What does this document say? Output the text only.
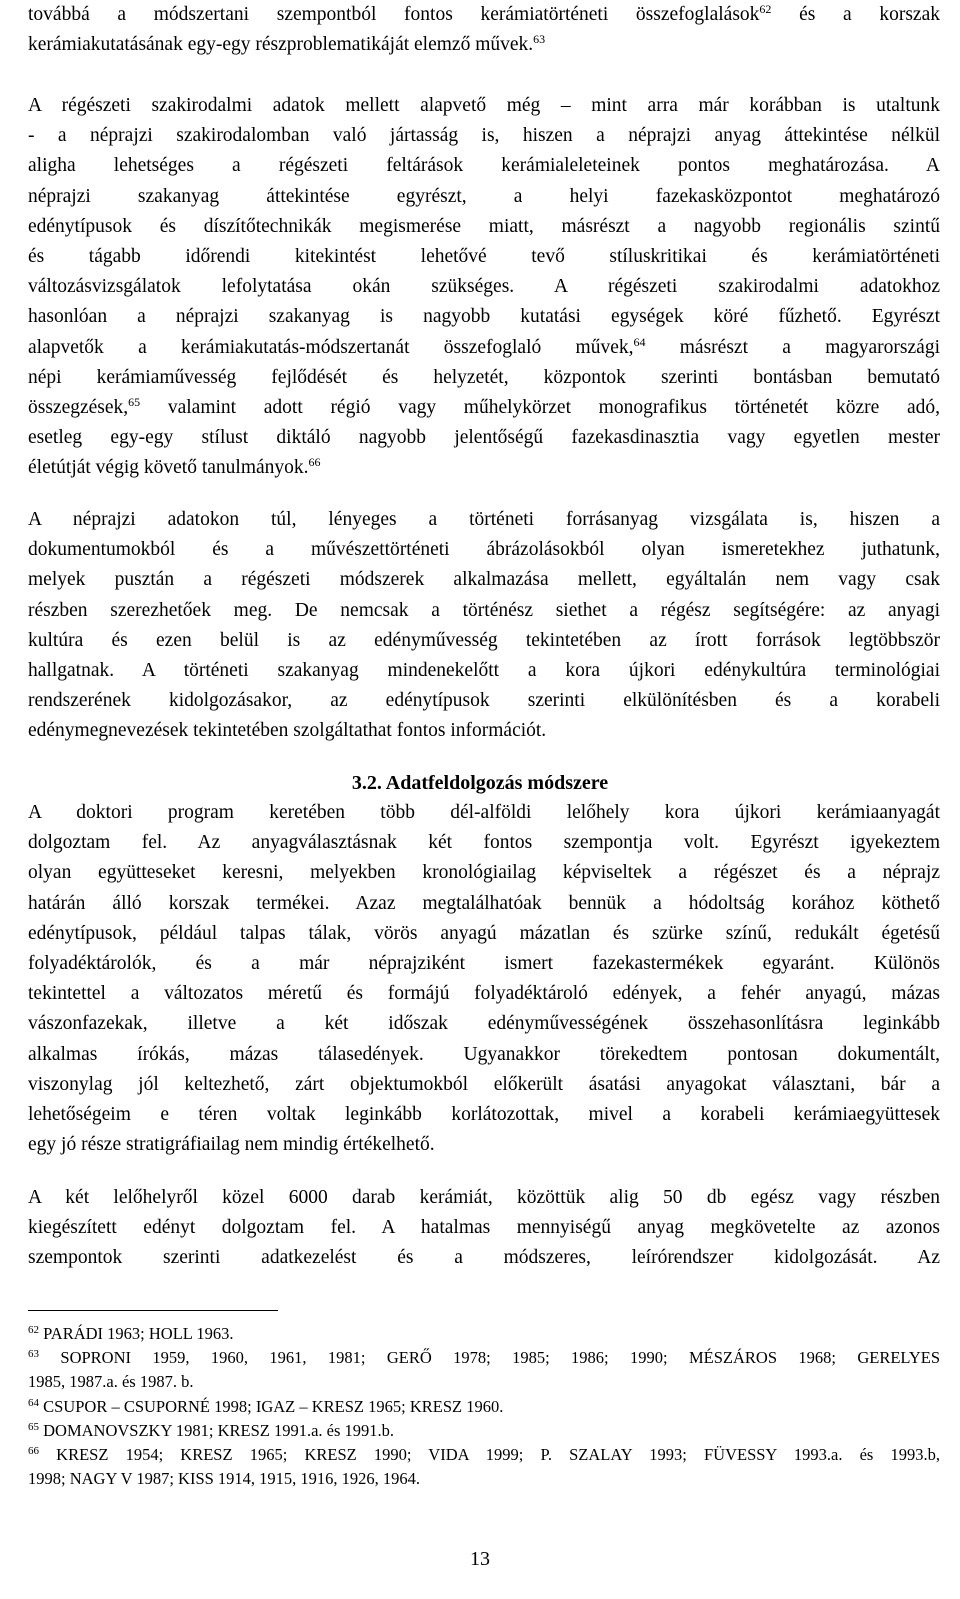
továbbá a módszertani szempontból fontos kerámiatörténeti összefoglalások$^{62}$ és a korszak
kerámiakutatásának egy-egy részproblematikáját elemző művek.$^{63}$
A régészeti szakirodalmi adatok mellett alapvető még – mint arra már korábban is utaltunk
- a néprajzi szakirodalomban való jártasság is, hiszen a néprajzi anyag áttekintése nélkül
aligha lehetséges a régészeti feltárások kerámialeleteinek pontos meghatározása. A
néprajzi szakanyag áttekintése egyrészt, a helyi fazekasközpontot meghatározó
edénytípusok és díszítőtechnikák megismerése miatt, másrészt a nagyobb regionális szintű
és tágabb időrendi kitekintést lehetővé tevő stíluskritikai és kerámiatörténeti
változásvizsgálatok lefolytatása okán szükséges. A régészeti szakirodalmi adatokhoz
hasonlóan a néprajzi szakanyag is nagyobb kutatási egységek köré fűzhető. Egyrészt
alapvetők a kerámiakutatás-módszertanát összefoglaló művek,$^{64}$ másrészt a magyarországi
népi kerámiaművesség fejlődését és helyzetét, központok szerinti bontásban bemutató
összegzések,$^{65}$ valamint adott régió vagy műhelykörzet monografikus történetét közre adó,
esetleg egy-egy stílust diktáló nagyobb jelentőségű fazekasdinasztia vagy egyetlen mester
életútját végig követő tanulmányok.$^{66}$
A néprajzi adatokon túl, lényeges a történeti forrásanyag vizsgálata is, hiszen a
dokumentumokból és a művészettörténeti ábrázolásokból olyan ismeretekhez juthatunk,
melyek pusztán a régészeti módszerek alkalmazása mellett, egyáltalán nem vagy csak
részben szerezhetőek meg. De nemcsak a történész siethet a régész segítségére: az anyagi
kultúra és ezen belül is az edényművesség tekintetében az írott források legtöbbször
hallgatnak. A történeti szakanyag mindenekelőtt a kora újkori edénykultúra terminológiai
rendszerének kidolgozásakor, az edénytípusok szerinti elkülönítésben és a korabeli
edénymegnevezések tekintetében szolgáltathat fontos információt.
3.2. Adatfeldolgozás módszere
A doktori program keretében több dél-alföldi lelőhely kora újkori kerámiaanyagát
dolgoztam fel. Az anyagválasztásnak két fontos szempontja volt. Egyrészt igyekeztem
olyan együtteseket keresni, melyekben kronológiailag képviseltek a régészet és a néprajz
határán álló korszak termékei. Azaz megtalálhatóak bennük a hódoltság korához köthető
edénytípusok, például talpas tálak, vörös anyagú mázatlan és szürke színű, redukált égetésű
folyadéktárolók, és a már néprajziként ismert fazekastermékek egyaránt. Különös
tekintettel a változatos méretű és formájú folyadéktároló edények, a fehér anyagú, mázas
vászonfazekak, illetve a két időszak edényművességének összehasonlításra leginkább
alkalmas írókás, mázas tálasedények. Ugyanakkor törekedtem pontosan dokumentált,
viszonylag jól keltezhető, zárt objektumokból előkerült ásatási anyagokat választani, bár a
lehetőségeim e téren voltak leginkább korlátozottak, mivel a korabeli kerámiaegyüttesek
egy jó része stratigráfiailag nem mindig értékelhető.
A két lelőhelyről közel 6000 darab kerámiát, közöttük alig 50 db egész vagy részben
kiegészített edényt dolgoztam fel. A hatalmas mennyiségű anyag megkövetelte az azonos
szempontok szerinti adatkezelést és a módszeres, leírórendszer kidolgozását. Az
$^{62}$ PARÁDI 1963; HOLL 1963.
$^{63}$ SOPRONI 1959, 1960, 1961, 1981; GERŐ 1978; 1985; 1986; 1990; MÉSZÁROS 1968; GERELYES
1985, 1987.a. és 1987. b.
$^{64}$ CSUPOR – CSUPORNÉ 1998; IGAZ – KRESZ 1965; KRESZ 1960.
$^{65}$ DOMANOVSZKY 1981; KRESZ 1991.a. és 1991.b.
$^{66}$ KRESZ 1954; KRESZ 1965; KRESZ 1990; VIDA 1999; P. SZALAY 1993; FÜVESSY 1993.a. és 1993.b,
1998; NAGY V 1987; KISS 1914, 1915, 1916, 1926, 1964.
13
